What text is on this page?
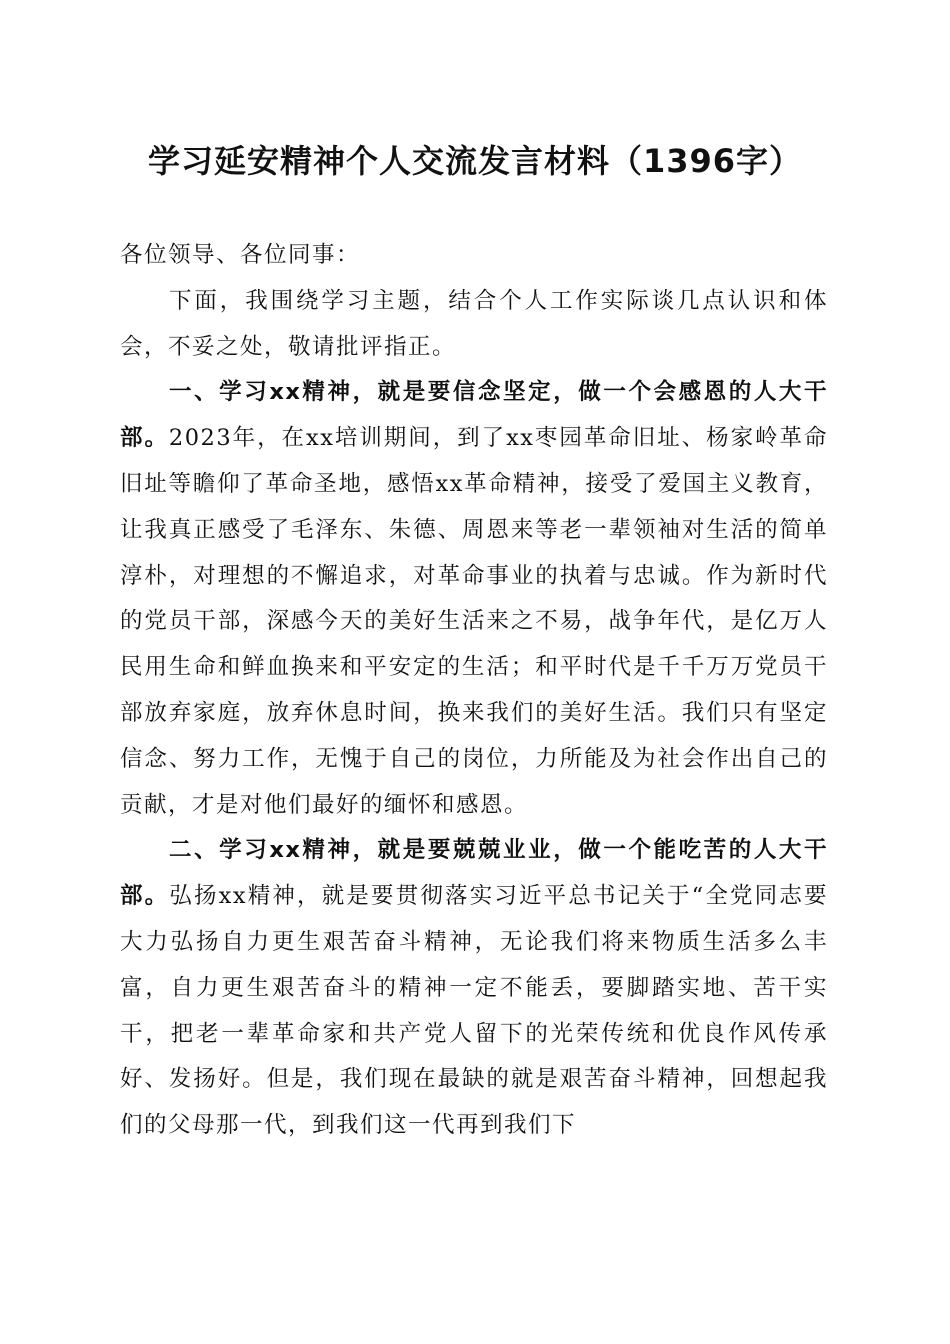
学习延安精神个人交流发言材料（1396字）

各位领导、各位同事：

下面，我围绕学习主题，结合个人工作实际谈几点认识和体会，不妥之处，敬请批评指正。

一、学习xx精神，就是要信念坚定，做一个会感恩的人大干部。2023年，在xx培训期间，到了xx枣园革命旧址、杨家岭革命旧址等瞻仰了革命圣地，感悟xx革命精神，接受了爱国主义教育，让我真正感受了毛泽东、朱德、周恩来等老一辈领袖对生活的简单淳朴，对理想的不懈追求，对革命事业的执着与忠诚。作为新时代的党员干部，深感今天的美好生活来之不易，战争年代，是亿万人民用生命和鲜血换来和平安定的生活；和平时代是千千万万党员干部放弃家庭，放弃休息时间，换来我们的美好生活。我们只有坚定信念、努力工作，无愧于自己的岗位，力所能及为社会作出自己的贡献，才是对他们最好的缅怀和感恩。

二、学习xx精神，就是要兢兢业业，做一个能吃苦的人大干部。弘扬xx精神，就是要贯彻落实习近平总书记关于“全党同志要大力弘扬自力更生艰苦奋斗精神，无论我们将来物质生活多么丰富，自力更生艰苦奋斗的精神一定不能丢，要脚踏实地、苦干实干，把老一辈革命家和共产党人留下的光荣传统和优良作风传承好、发扬好。但是，我们现在最缺的就是艰苦奋斗精神，回想起我们的父母那一代，到我们这一代再到我们下
